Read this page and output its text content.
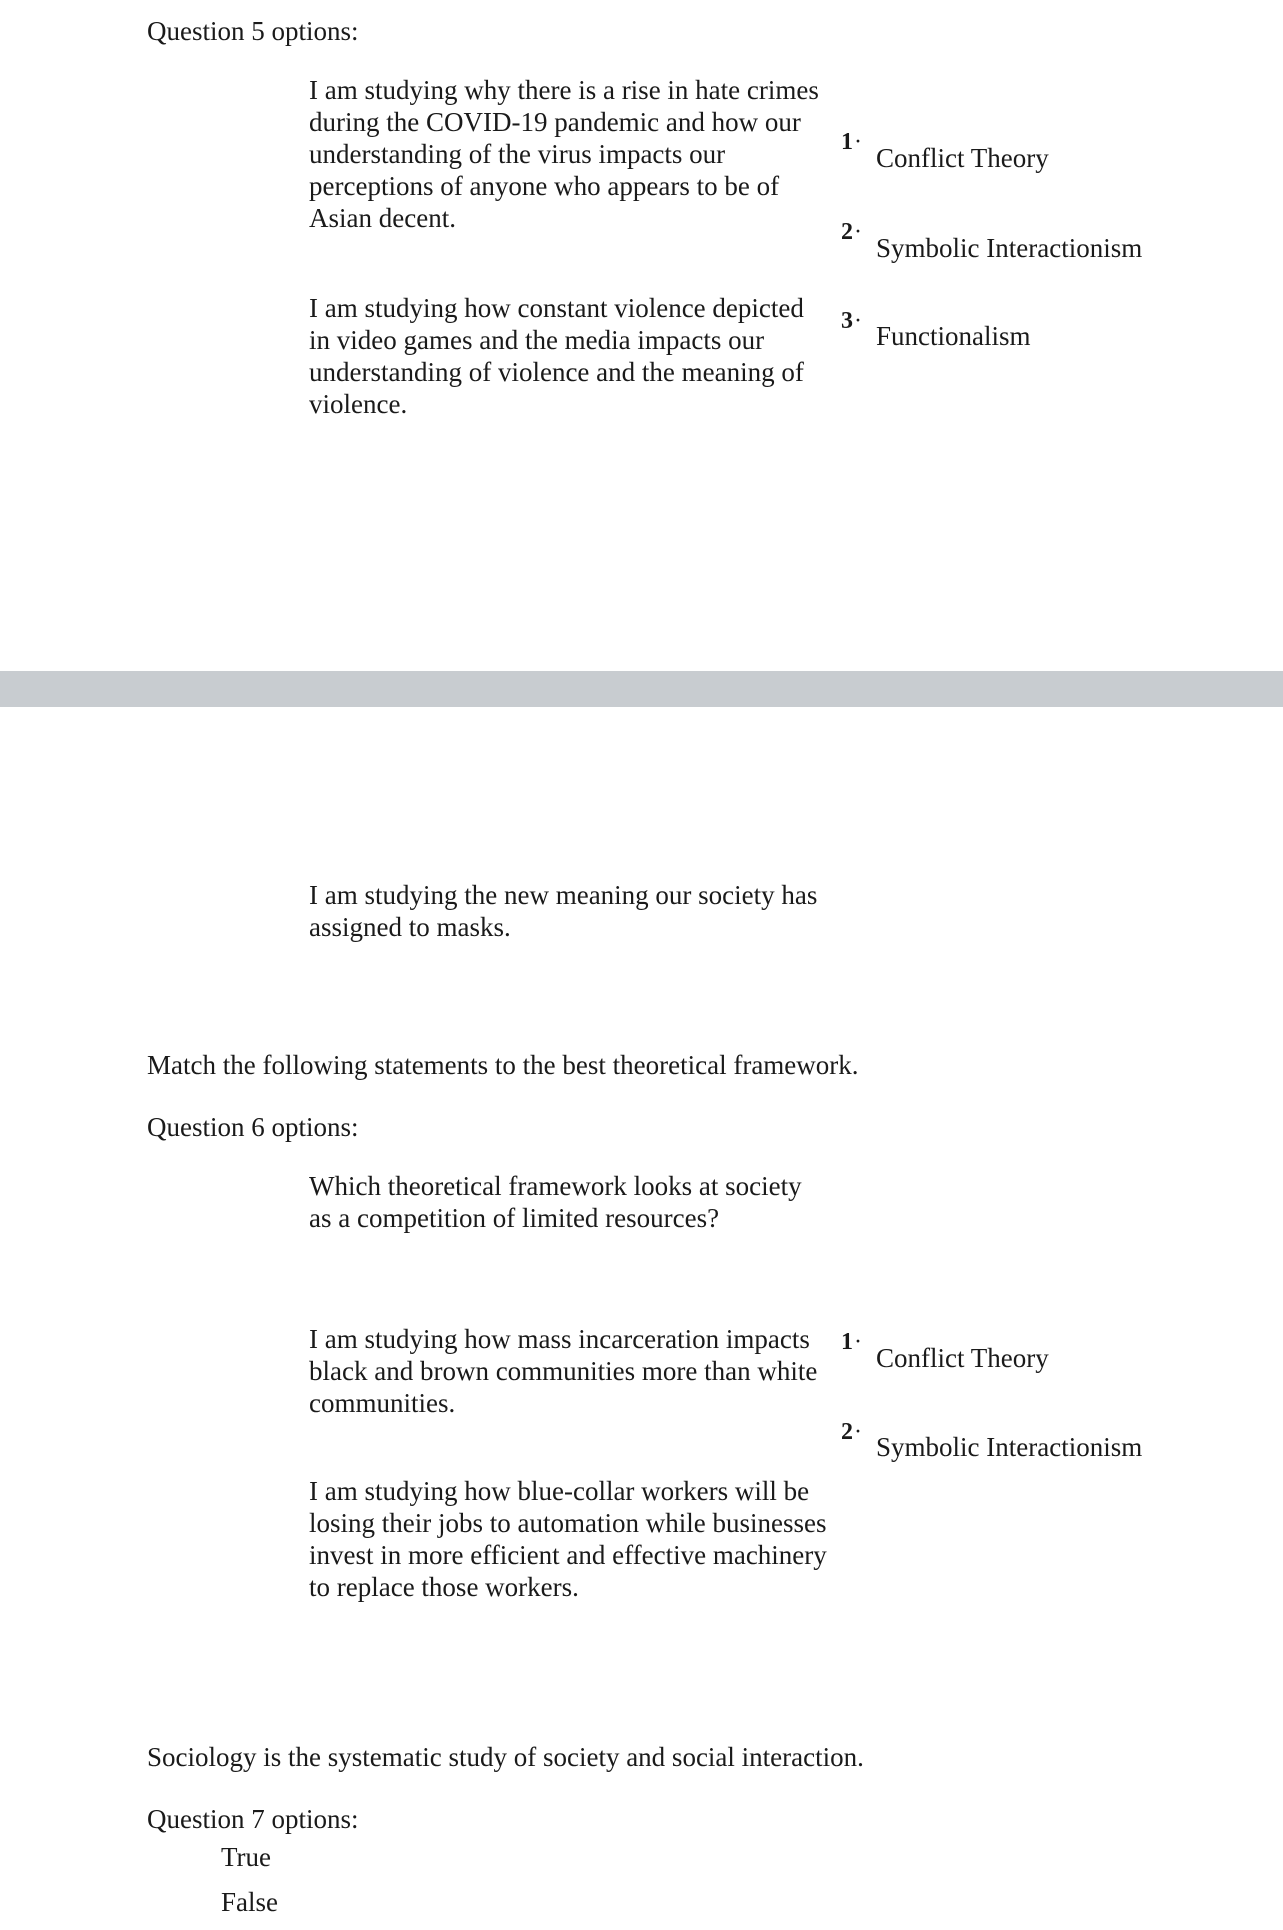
Question 5 options:
I am studying why there is a rise in hate crimes during the COVID-19 pandemic and how our understanding of the virus impacts our perceptions of anyone who appears to be of Asian decent.
I am studying how constant violence depicted in video games and the media impacts our understanding of violence and the meaning of violence.
1 ·
Conflict Theory
2 ·
Symbolic Interactionism
3 · Functionalism
I am studying the new meaning our society has assigned to masks.
Match the following statements to the best theoretical framework.
Question 6 options:
Which theoretical framework looks at society as a competition of limited resources?
I am studying how mass incarceration impacts black and brown communities more than white communities.
I am studying how blue-collar workers will be losing their jobs to automation while businesses invest in more efficient and effective machinery to replace those workers.
1 ·
Conflict Theory
2 · Symbolic Interactionism
Sociology is the systematic study of society and social interaction.
Question 7 options:
True
False
